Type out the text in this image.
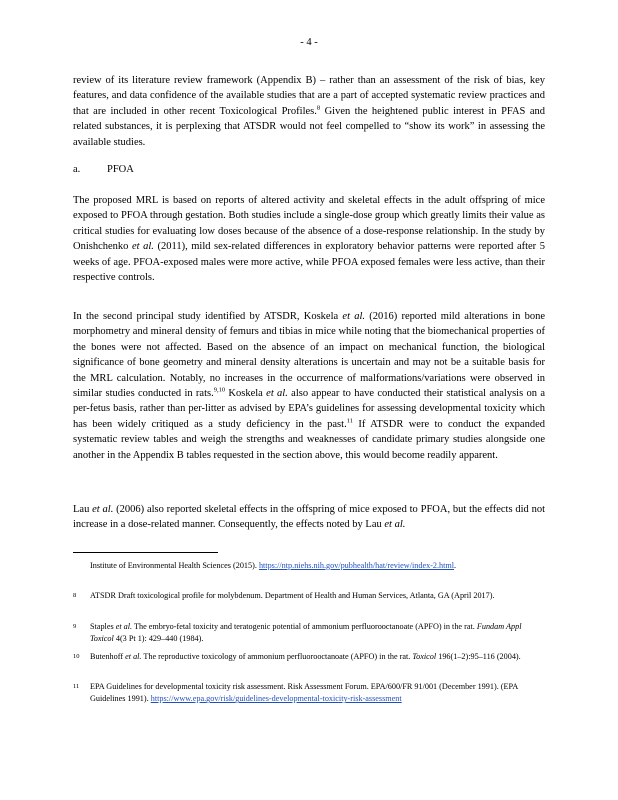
- 4 -
review of its literature review framework (Appendix B) – rather than an assessment of the risk of bias, key features, and data confidence of the available studies that are a part of accepted systematic review practices and that are included in other recent Toxicological Profiles.$^8$ Given the heightened public interest in PFAS and related substances, it is perplexing that ATSDR would not feel compelled to “show its work” in assessing the available studies.
a.	PFOA
The proposed MRL is based on reports of altered activity and skeletal effects in the adult offspring of mice exposed to PFOA through gestation. Both studies include a single-dose group which greatly limits their value as critical studies for evaluating low doses because of the absence of a dose-response relationship. In the study by Onishchenko et al. (2011), mild sex-related differences in exploratory behavior patterns were reported after 5 weeks of age. PFOA-exposed males were more active, while PFOA exposed females were less active, than their respective controls.
In the second principal study identified by ATSDR, Koskela et al. (2016) reported mild alterations in bone morphometry and mineral density of femurs and tibias in mice while noting that the biomechanical properties of the bones were not affected. Based on the absence of an impact on mechanical function, the biological significance of bone geometry and mineral density alterations is uncertain and may not be a suitable basis for the MRL calculation. Notably, no increases in the occurrence of malformations/variations were observed in similar studies conducted in rats.$^{9,10}$ Koskela et al. also appear to have conducted their statistical analysis on a per-fetus basis, rather than per-litter as advised by EPA’s guidelines for assessing developmental toxicity which has been widely critiqued as a study deficiency in the past.$^{11}$ If ATSDR were to conduct the expanded systematic review tables and weigh the strengths and weaknesses of candidate primary studies alongside one another in the Appendix B tables requested in the section above, this would become readily apparent.
Lau et al. (2006) also reported skeletal effects in the offspring of mice exposed to PFOA, but the effects did not increase in a dose-related manner. Consequently, the effects noted by Lau et al.
Institute of Environmental Health Sciences (2015). https://ntp.niehs.nih.gov/pubhealth/hat/review/index-2.html.
8 ATSDR Draft toxicological profile for molybdenum. Department of Health and Human Services, Atlanta, GA (April 2017).
9 Staples et al. The embryo-fetal toxicity and teratogenic potential of ammonium perfluorooctanoate (APFO) in the rat. Fundam Appl Toxicol 4(3 Pt 1): 429–440 (1984).
10 Butenhoff et al. The reproductive toxicology of ammonium perfluorooctanoate (APFO) in the rat. Toxicol 196(1–2):95–116 (2004).
11 EPA Guidelines for developmental toxicity risk assessment. Risk Assessment Forum. EPA/600/FR 91/001 (December 1991). (EPA Guidelines 1991). https://www.epa.gov/risk/guidelines-developmental-toxicity-risk-assessment
